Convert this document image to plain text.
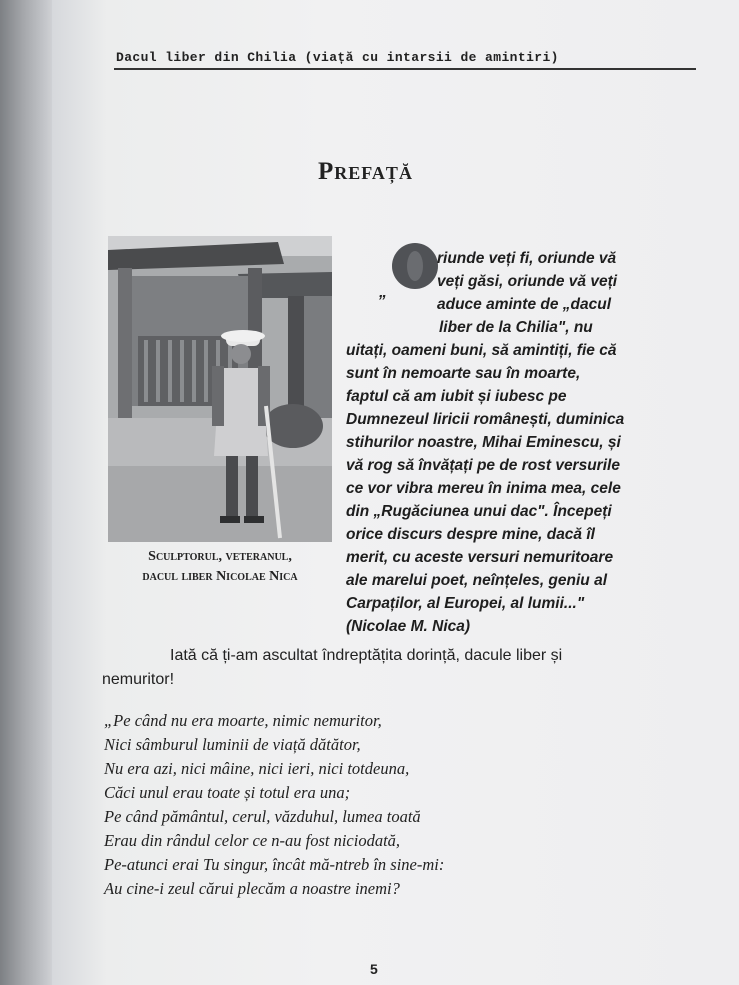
Dacul liber din Chilia (viață cu intarsii de amintiri)
Prefață
Sculptorul, veteranul,
dacul liber Nicolae Nica
„
riunde veți fi, oriunde vă
veți găsi, oriunde vă veți
aduce aminte de „dacul
liber de la Chilia", nu
uitați, oameni buni, să amintiți, fie că
sunt în nemoarte sau în moarte,
faptul că am iubit și iubesc pe
Dumnezeul liricii românești, duminica
stihurilor noastre, Mihai Eminescu, și
vă rog să învățați pe de rost versurile
ce vor vibra mereu în inima mea, cele
din „Rugăciunea unui dac". Începeți
orice discurs despre mine, dacă îl
merit, cu aceste versuri nemuritoare
ale marelui poet, neînțeles, geniu al
Carpaților, al Europei, al lumii..."
(Nicolae M. Nica)
Iată că ți-am ascultat îndreptățita dorință, dacule liber și
nemuritor!
„Pe când nu era moarte, nimic nemuritor,
Nici sâmburul luminii de viață dătător,
Nu era azi, nici mâine, nici ieri, nici totdeuna,
Căci unul erau toate și totul era una;
Pe când pământul, cerul, văzduhul, lumea toată
Erau din rândul celor ce n-au fost niciodată,
Pe-atunci erai Tu singur, încât mă-ntreb în sine-mi:
Au cine-i zeul cărui plecăm a noastre inemi?
5
